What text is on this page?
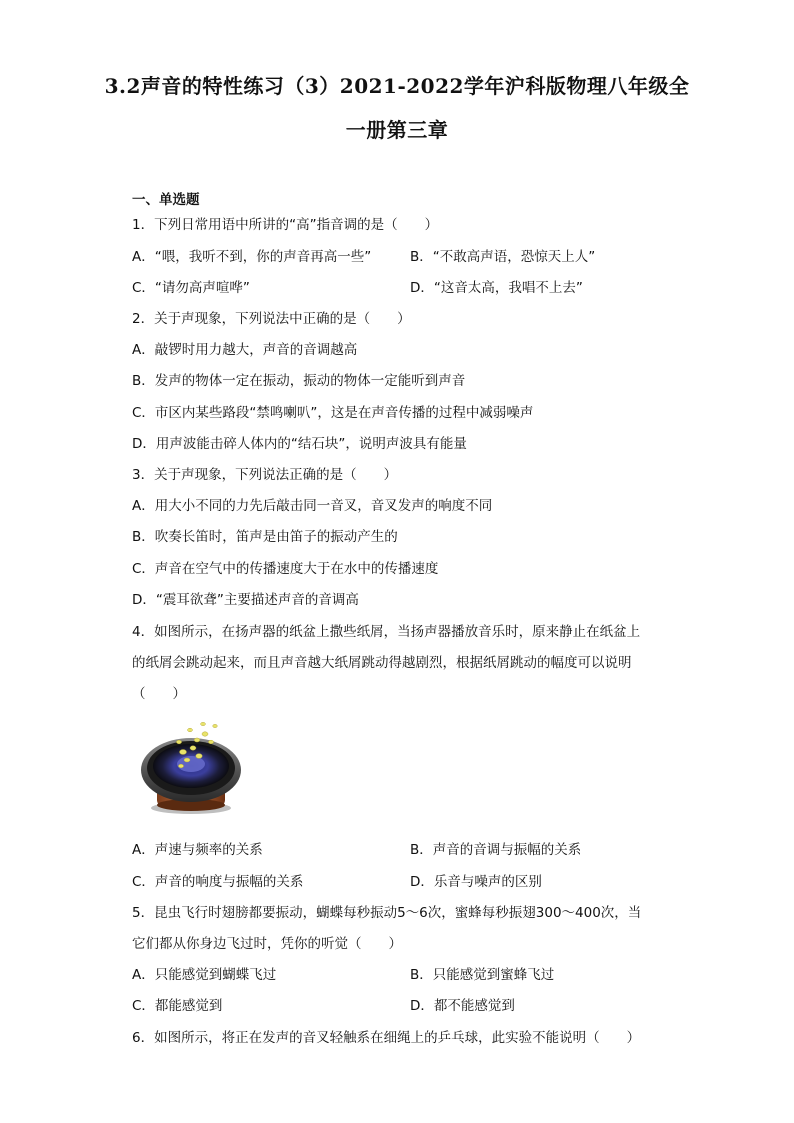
3.2声音的特性练习（3）2021-2022学年沪科版物理八年级全
一册第三章
一、单选题
1．下列日常用语中所讲的“高”指音调的是（　　）
A．“喂，我听不到，你的声音再高一些”	B．“不敢高声语，恐惊天上人”
C．“请勿高声喧哗”	D．“这音太高，我唱不上去”
2．关于声现象，下列说法中正确的是（　　）
A．敲锣时用力越大，声音的音调越高
B．发声的物体一定在振动，振动的物体一定能听到声音
C．市区内某些路段“禁鸣喇叭”，这是在声音传播的过程中减弱噪声
D．用声波能击碎人体内的“结石块”，说明声波具有能量
3．关于声现象，下列说法正确的是（　　）
A．用大小不同的力先后敲击同一音叉，音叉发声的响度不同
B．吹奏长笛时，笛声是由笛子的振动产生的
C．声音在空气中的传播速度大于在水中的传播速度
D．“震耳欲聋”主要描述声音的音调高
4．如图所示，在扬声器的纸盆上撒些纸屑，当扬声器播放音乐时，原来静止在纸盆上
的纸屑会跳动起来，而且声音越大纸屑跳动得越剧烈，根据纸屑跳动的幅度可以说明
（　　）
A．声速与频率的关系	B．声音的音调与振幅的关系
C．声音的响度与振幅的关系	D．乐音与噪声的区别
5．昆虫飞行时翅膀都要振动，蝴蝶每秒振动5～6次，蜜蜂每秒振翅300～400次，当
它们都从你身边飞过时，凭你的听觉（　　）
A．只能感觉到蝴蝶飞过	B．只能感觉到蜜蜂飞过
C．都能感觉到	D．都不能感觉到
6．如图所示，将正在发声的音叉轻触系在细绳上的乒乓球，此实验不能说明（　　）
